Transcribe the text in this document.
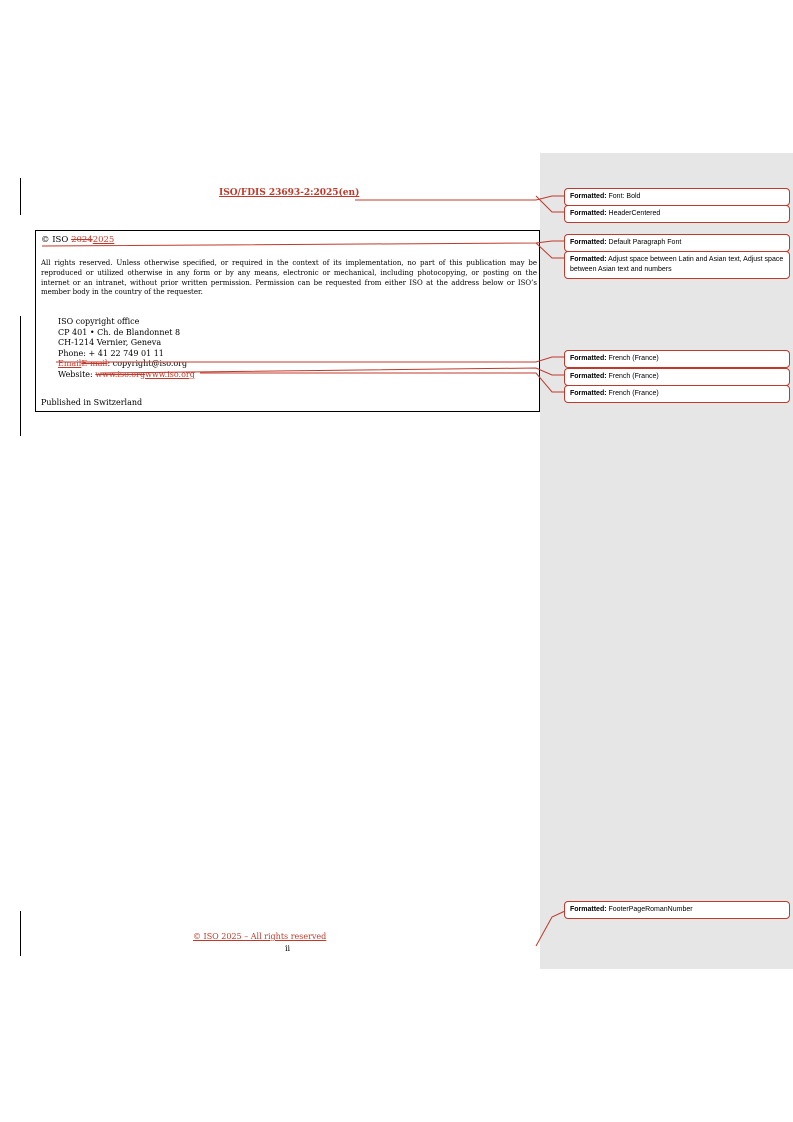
ISO/FDIS 23693-2:2025(en)
© ISO 20242025

All rights reserved. Unless otherwise specified, or required in the context of its implementation, no part of this publication may be reproduced or utilized otherwise in any form or by any means, electronic or mechanical, including photocopying, or posting on the internet or an intranet, without prior written permission. Permission can be requested from either ISO at the address below or ISO’s member body in the country of the requester.

ISO copyright office
CP 401 • Ch. de Blandonnet 8
CH-1214 Vernier, Geneva
Phone: + 41 22 749 01 11
EmailE-mail: copyright@iso.org
Website: www.iso.orgwww.iso.org
Published in Switzerland
© ISO 2025 – All rights reserved
ii
Formatted: Font: Bold
Formatted: HeaderCentered
Formatted: Default Paragraph Font
Formatted: Adjust space between Latin and Asian text, Adjust space between Asian text and numbers
Formatted: French (France)
Formatted: French (France)
Formatted: French (France)
Formatted: FooterPageRomanNumber
